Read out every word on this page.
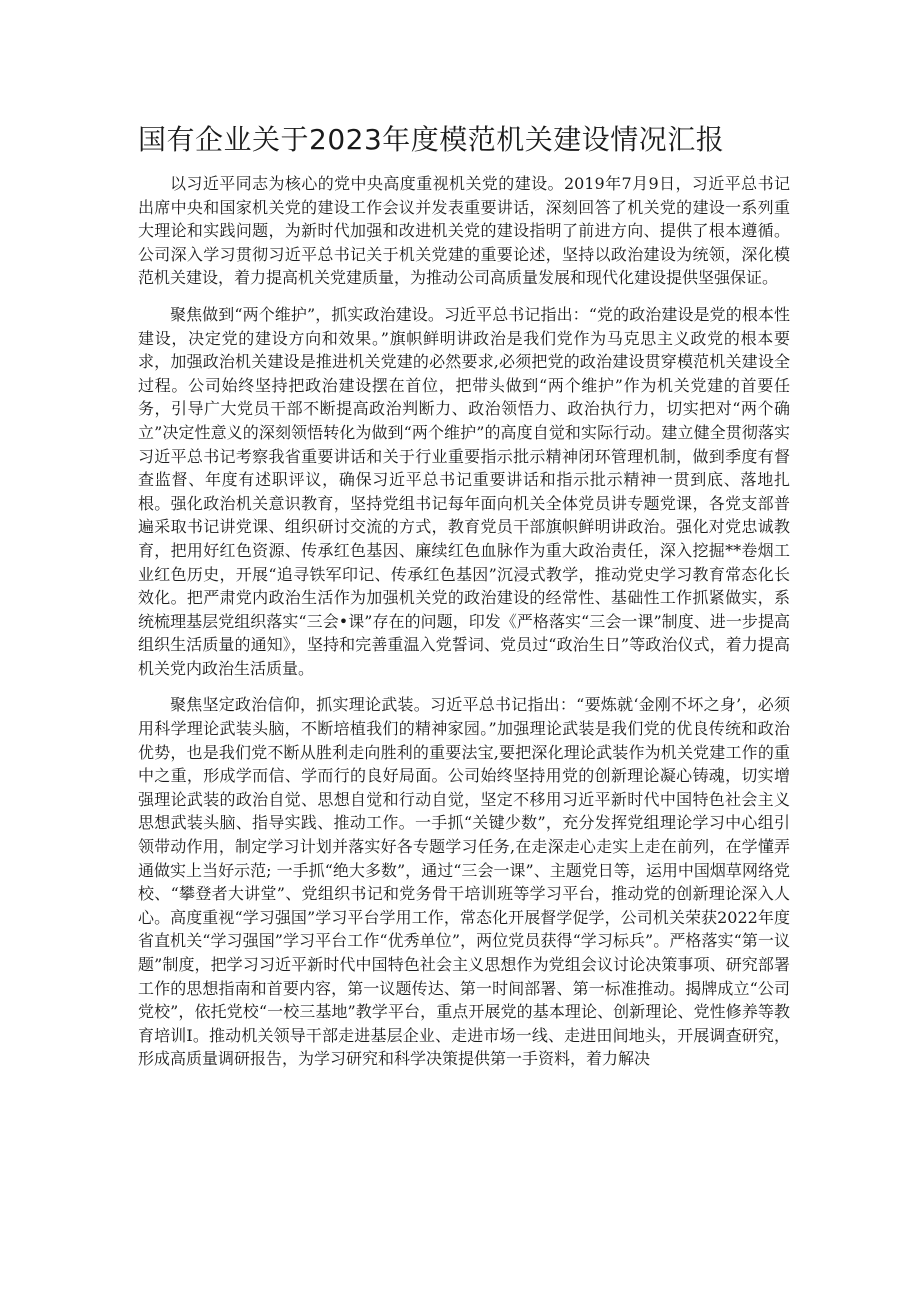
国有企业关于2023年度模范机关建设情况汇报

以习近平同志为核心的党中央高度重视机关党的建设。2019年7月9日，习近平总书记出席中央和国家机关党的建设工作会议并发表重要讲话，深刻回答了机关党的建设一系列重大理论和实践问题，为新时代加强和改进机关党的建设指明了前进方向、提供了根本遵循。公司深入学习贯彻习近平总书记关于机关党建的重要论述，坚持以政治建设为统领，深化模范机关建设，着力提高机关党建质量，为推动公司高质量发展和现代化建设提供坚强保证。

聚焦做到“两个维护”，抓实政治建设。习近平总书记指出：“党的政治建设是党的根本性建设，决定党的建设方向和效果。”旗帜鲜明讲政治是我们党作为马克思主义政党的根本要求，加强政治机关建设是推进机关党建的必然要求,必须把党的政治建设贯穿模范机关建设全过程。公司始终坚持把政治建设摆在首位，把带头做到“两个维护”作为机关党建的首要任务，引导广大党员干部不断提高政治判断力、政治领悟力、政治执行力，切实把对“两个确立”决定性意义的深刻领悟转化为做到“两个维护”的高度自觉和实际行动。建立健全贯彻落实习近平总书记考察我省重要讲话和关于行业重要指示批示精神闭环管理机制，做到季度有督查监督、年度有述职评议，确保习近平总书记重要讲话和指示批示精神一贯到底、落地扎根。强化政治机关意识教育，坚持党组书记每年面向机关全体党员讲专题党课，各党支部普遍采取书记讲党课、组织研讨交流的方式，教育党员干部旗帜鲜明讲政治。强化对党忠诚教育，把用好红色资源、传承红色基因、廉续红色血脉作为重大政治责任，深入挖掘**卷烟工业红色历史，开展“追寻铁军印记、传承红色基因”沉浸式教学，推动党史学习教育常态化长效化。把严肃党内政治生活作为加强机关党的政治建设的经常性、基础性工作抓紧做实，系统梳理基层党组织落实“三会•课”存在的问题，印发《严格落实“三会一课”制度、进一步提高组织生活质量的通知》，坚持和完善重温入党誓词、党员过“政治生日”等政治仪式，着力提高机关党内政治生活质量。

聚焦坚定政治信仰，抓实理论武装。习近平总书记指出：“要炼就‘金刚不坏之身’，必须用科学理论武装头脑，不断培植我们的精神家园。”加强理论武装是我们党的优良传统和政治优势，也是我们党不断从胜利走向胜利的重要法宝,要把深化理论武装作为机关党建工作的重中之重，形成学而信、学而行的良好局面。公司始终坚持用党的创新理论凝心铸魂，切实增强理论武装的政治自觉、思想自觉和行动自觉，坚定不移用习近平新时代中国特色社会主义思想武装头脑、指导实践、推动工作。一手抓“关键少数”，充分发挥党组理论学习中心组引领带动作用，制定学习计划并落实好各专题学习任务,在走深走心走实上走在前列，在学懂弄通做实上当好示范; 一手抓“绝大多数”，通过“三会一课”、主题党日等，运用中国烟草网络党校、“攀登者大讲堂”、党组织书记和党务骨干培训班等学习平台，推动党的创新理论深入人心。高度重视“学习强国”学习平台学用工作，常态化开展督学促学，公司机关荣获2022年度省直机关“学习强国”学习平台工作“优秀单位”，两位党员获得“学习标兵”。严格落实“第一议题”制度，把学习习近平新时代中国特色社会主义思想作为党组会议讨论决策事项、研究部署工作的思想指南和首要内容，第一议题传达、第一时间部署、第一标准推动。揭牌成立“公司党校”，依托党校“一校三基地”教学平台，重点开展党的基本理论、创新理论、党性修养等教育培训I。推动机关领导干部走进基层企业、走进市场一线、走进田间地头，开展调查研究，形成高质量调研报告，为学习研究和科学决策提供第一手资料，着力解决
